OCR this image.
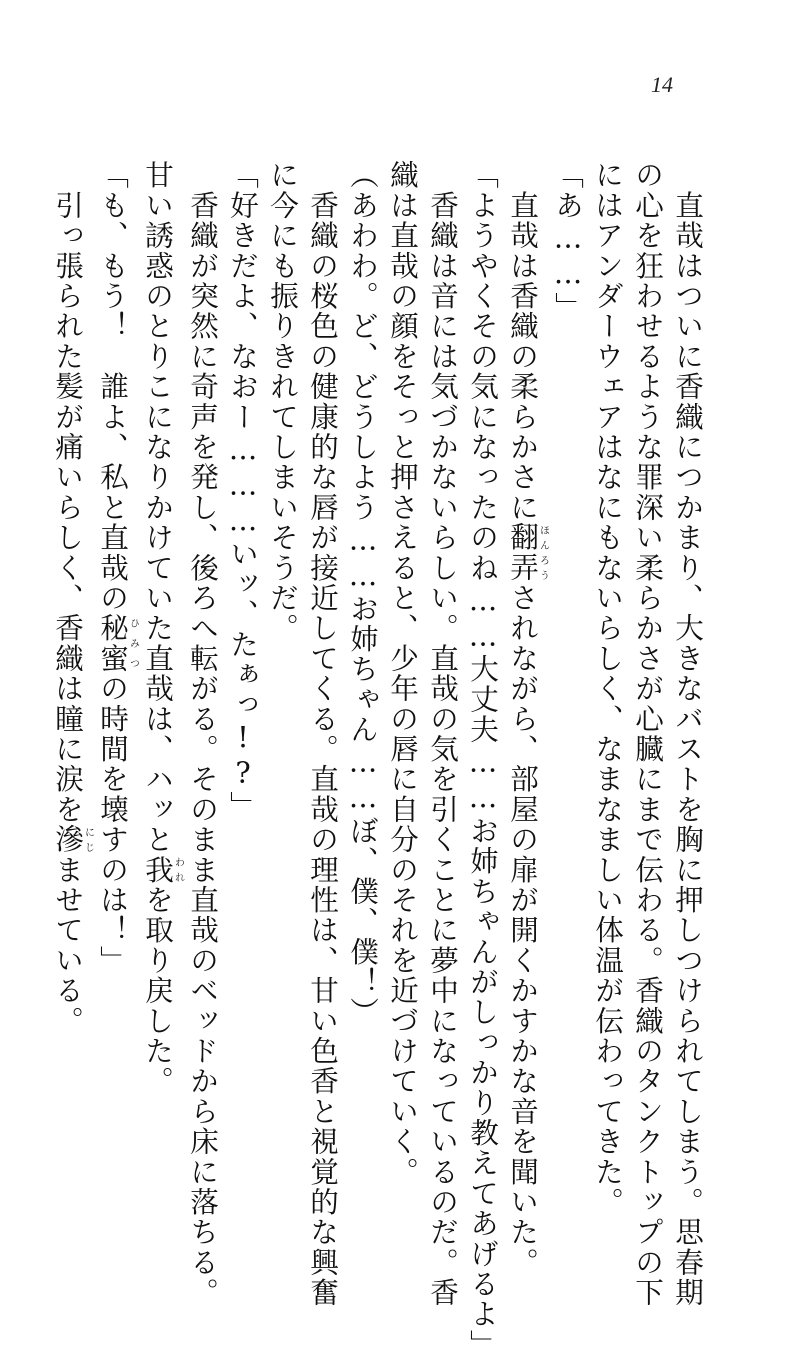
14
　直哉はついに香織につかまり、大きなバストを胸に押しつけられてしまう。思春期
の心を狂わせるような罪深い柔らかさが心臓にまで伝わる。香織のタンクトップの下
にはアンダーウェアはなにもないらしく、なまなましい体温が伝わってきた。
「あ……」
　直哉は香織の柔らかさに翻弄ほんろうされながら、部屋の扉が開くかすかな音を聞いた。
「ようやくその気になったのね……大丈夫……お姉ちゃんがしっかり教えてあげるよ」
　香織は音には気づかないらしい。直哉の気を引くことに夢中になっているのだ。香
織は直哉の顔をそっと押さえると、少年の唇に自分のそれを近づけていく。
（あわわ。ど、どうしよう……お姉ちゃん……ぼ、僕、僕！）
　香織の桜色の健康的な唇が接近してくる。直哉の理性は、甘い色香と視覚的な興奮
に今にも振りきれてしまいそうだ。
「好きだよ、なおー………いッ、たぁっ!?」
　香織が突然に奇声を発し、後ろへ転がる。そのまま直哉のベッドから床に落ちる。
甘い誘惑のとりこになりかけていた直哉は、ハッと我われを取り戻した。
「も、もう！　誰よ、私と直哉の秘蜜ひみつの時間を壊すのは！」
　引っ張られた髪が痛いらしく、香織は瞳に涙を滲にじませている。
